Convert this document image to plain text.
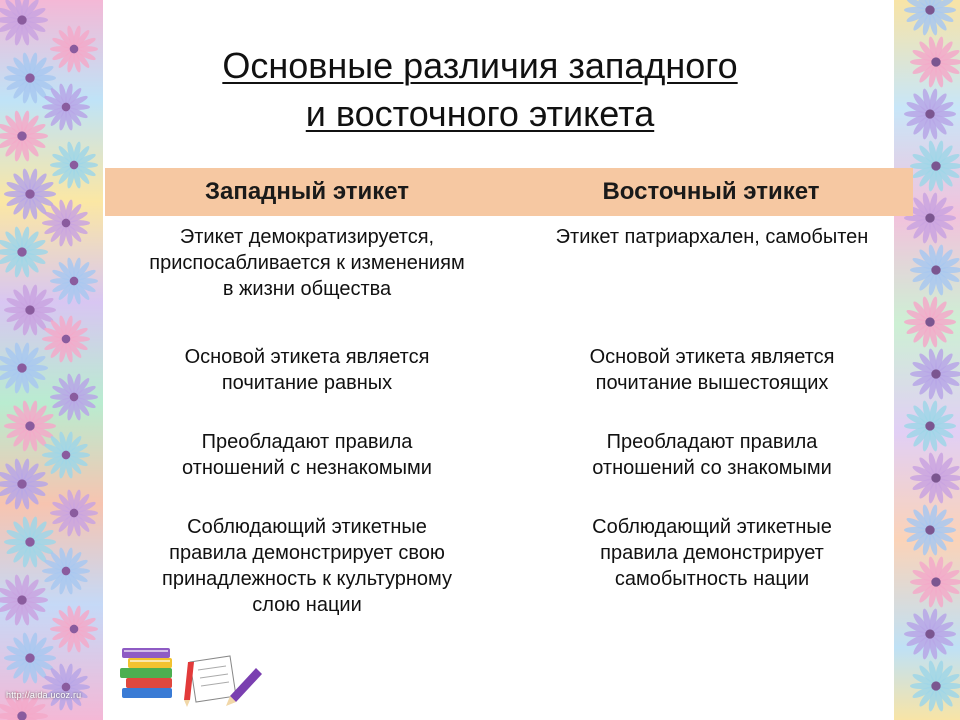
http://aida.ucoz.ru
Основные различия западного
и восточного этикета
Западный этикет	Восточный этикет
Этикет демократизируется,
приспосабливается к изменениям
в жизни общества
Основой этикета является
почитание равных
Преобладают правила
отношений с незнакомыми
Соблюдающий этикетные
правила демонстрирует свою
принадлежность к культурному
слою нации
Этикет патриархален, самобытен
Основой этикета является
почитание вышестоящих
Преобладают правила
отношений со знакомыми
Соблюдающий этикетные
правила демонстрирует
самобытность нации
